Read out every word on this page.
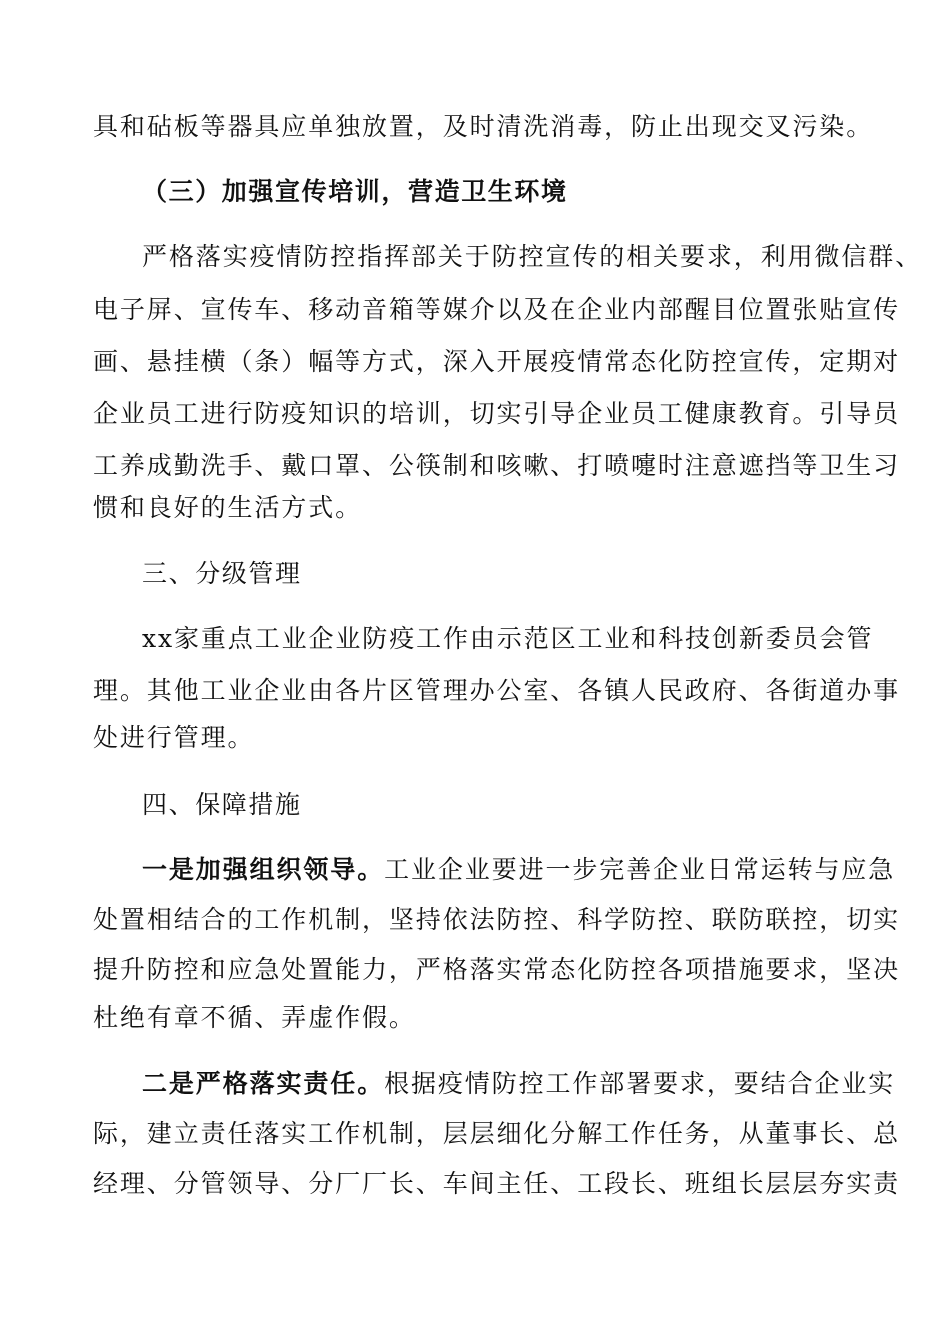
具和砧板等器具应单独放置，及时清洗消毒，防止出现交叉污染。
（三）加强宣传培训，营造卫生环境
严格落实疫情防控指挥部关于防控宣传的相关要求，利用微信群、
电子屏、宣传车、移动音箱等媒介以及在企业内部醒目位置张贴宣传
画、悬挂横（条）幅等方式，深入开展疫情常态化防控宣传，定期对
企业员工进行防疫知识的培训，切实引导企业员工健康教育。引导员
工养成勤洗手、戴口罩、公筷制和咳嗽、打喷嚏时注意遮挡等卫生习
惯和良好的生活方式。
三、分级管理
xx家重点工业企业防疫工作由示范区工业和科技创新委员会管
理。其他工业企业由各片区管理办公室、各镇人民政府、各街道办事
处进行管理。
四、保障措施
一是加强组织领导。工业企业要进一步完善企业日常运转与应急
处置相结合的工作机制，坚持依法防控、科学防控、联防联控，切实
提升防控和应急处置能力，严格落实常态化防控各项措施要求，坚决
杜绝有章不循、弄虚作假。
二是严格落实责任。根据疫情防控工作部署要求，要结合企业实
际，建立责任落实工作机制，层层细化分解工作任务，从董事长、总
经理、分管领导、分厂厂长、车间主任、工段长、班组长层层夯实责
